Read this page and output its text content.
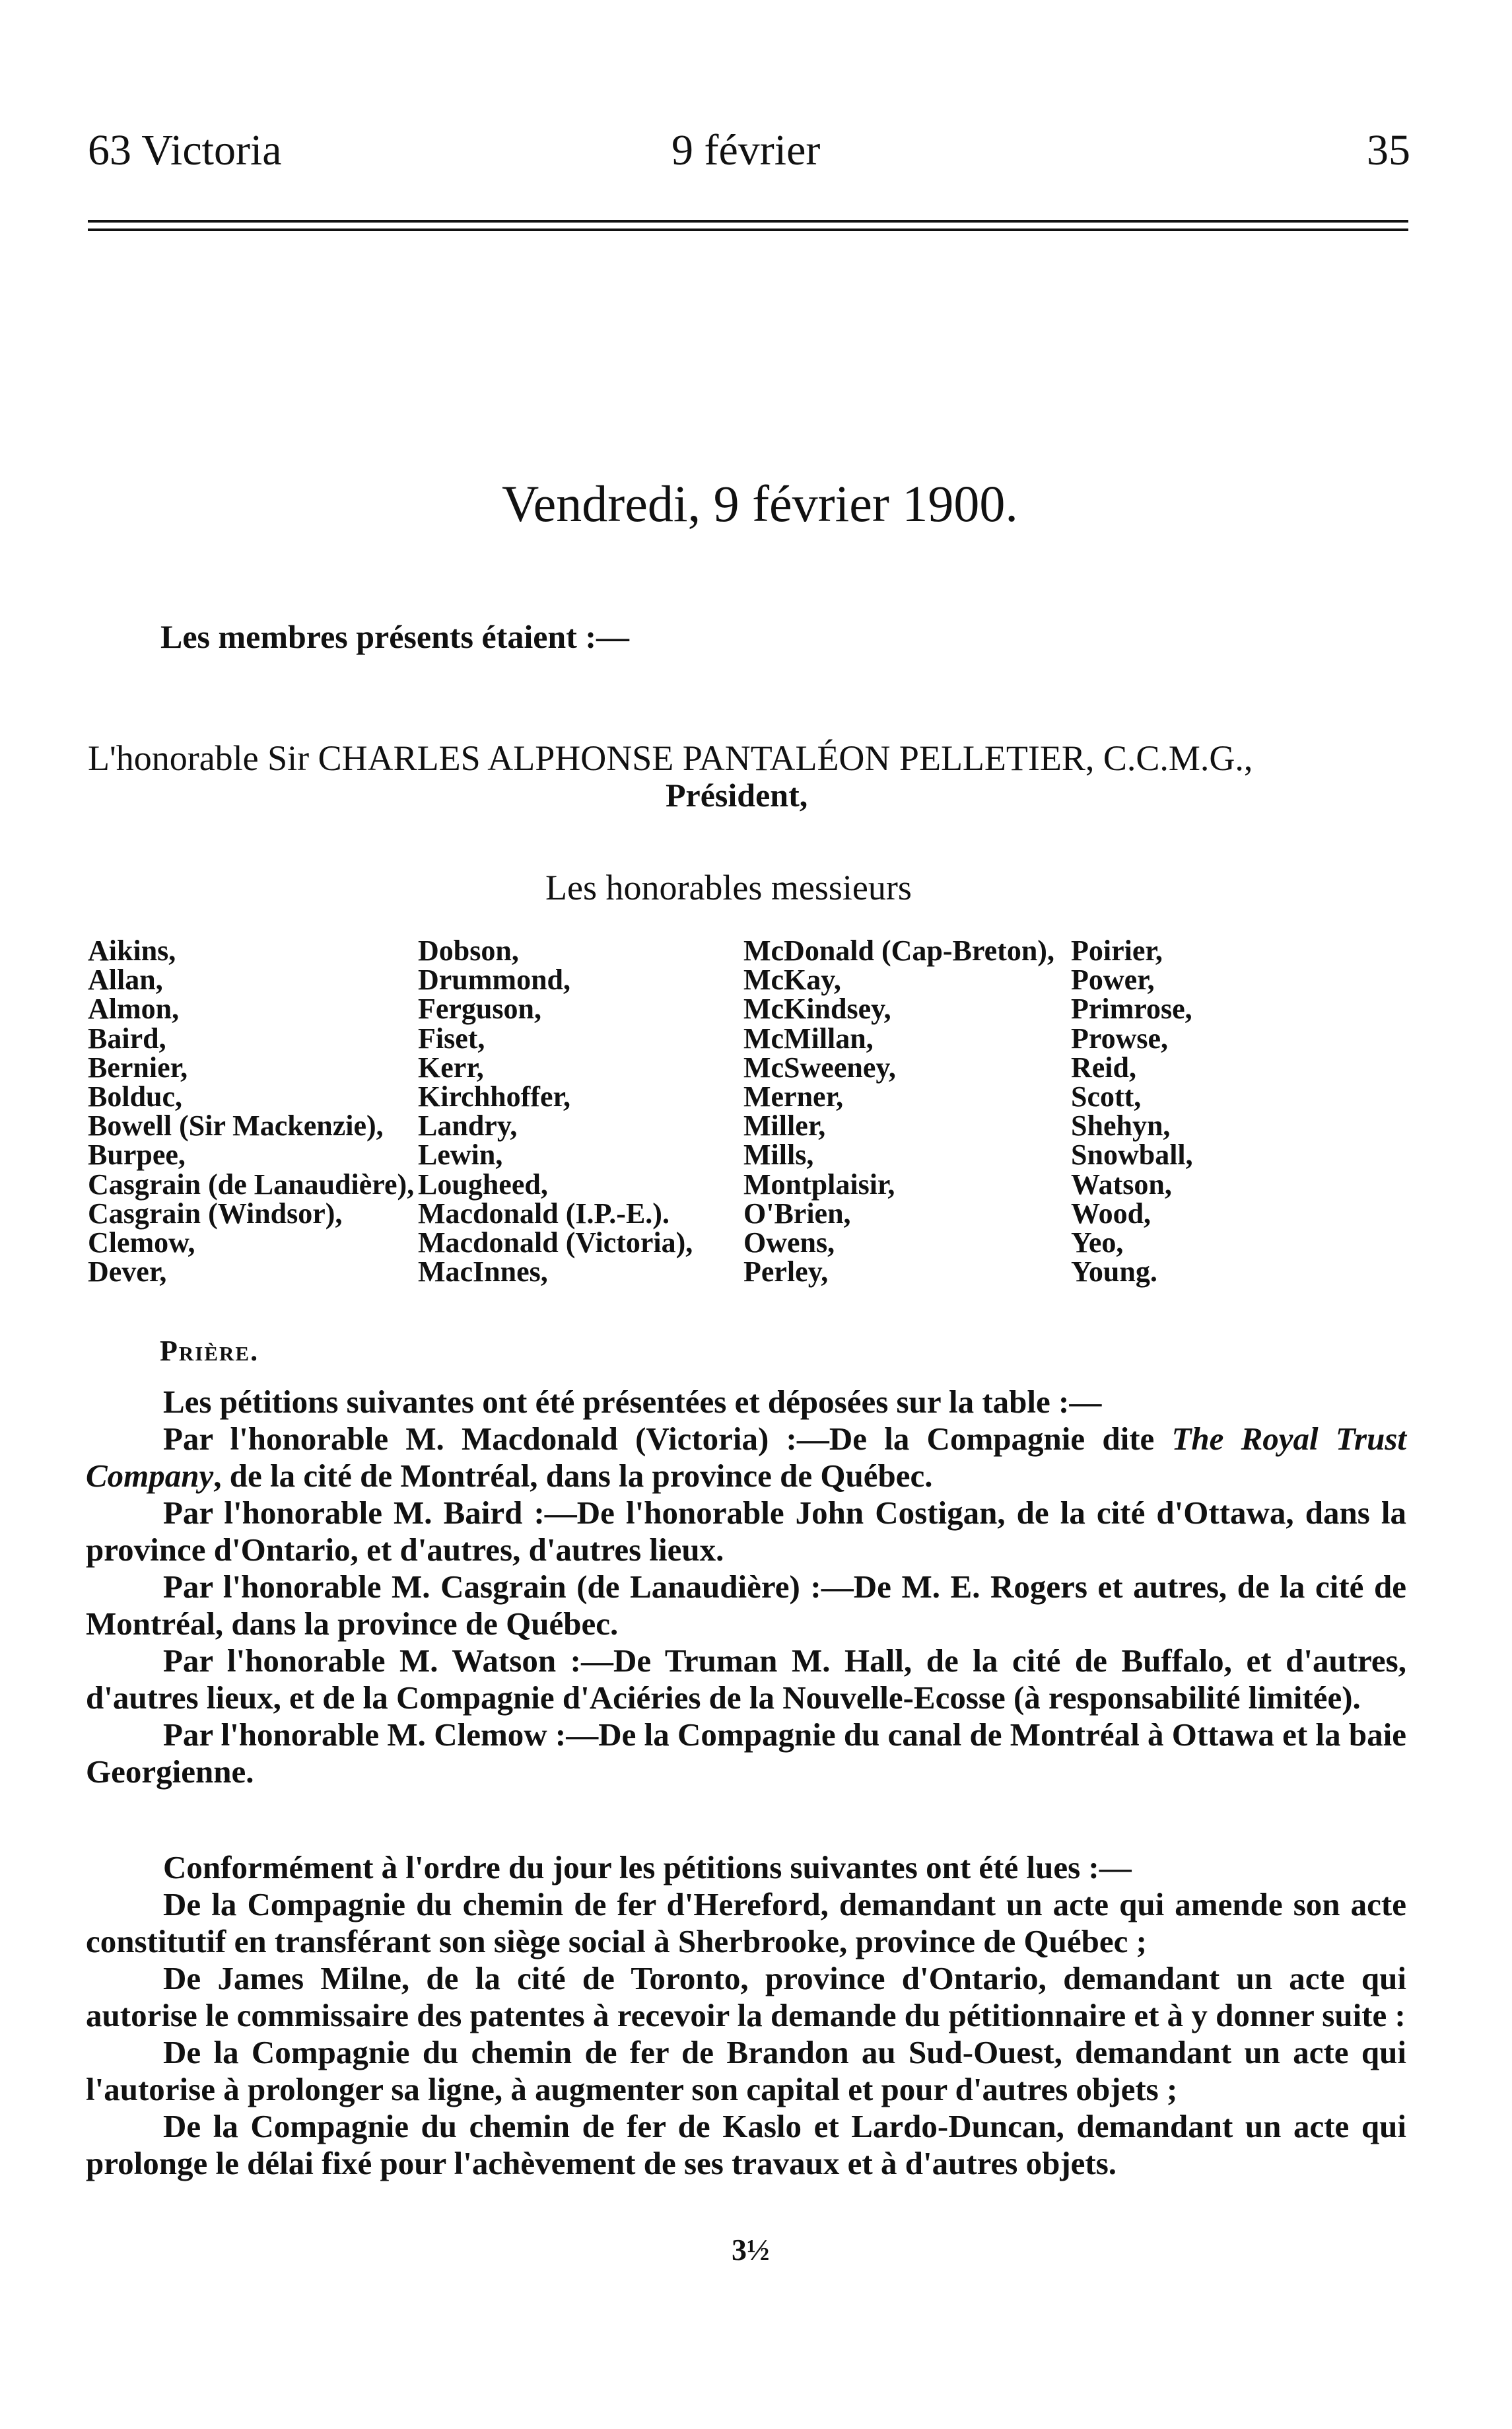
63 Victoria	9 février	35
Vendredi, 9 février 1900.
Les membres présents étaient :—
L'honorable Sir CHARLES ALPHONSE PANTALÉON PELLETIER, C.C.M.G.,
Président,
Les honorables messieurs
Aikins,
Allan,
Almon,
Baird,
Bernier,
Bolduc,
Bowell (Sir Mackenzie),
Burpee,
Casgrain (de Lanaudière),
Casgrain (Windsor),
Clemow,
Dever,
Dobson,
Drummond,
Ferguson,
Fiset,
Kerr,
Kirchhoffer,
Landry,
Lewin,
Lougheed,
Macdonald (I.P.-E.).
Macdonald (Victoria),
MacInnes,
McDonald (Cap-Breton),
McKay,
McKindsey,
McMillan,
McSweeney,
Merner,
Miller,
Mills,
Montplaisir,
O'Brien,
Owens,
Perley,
Poirier,
Power,
Primrose,
Prowse,
Reid,
Scott,
Shehyn,
Snowball,
Watson,
Wood,
Yeo,
Young.
Prière.

Les pétitions suivantes ont été présentées et déposées sur la table :—

Par l'honorable M. Macdonald (Victoria) :—De la Compagnie dite The Royal Trust Company, de la cité de Montréal, dans la province de Québec.

Par l'honorable M. Baird :—De l'honorable John Costigan, de la cité d'Ottawa, dans la province d'Ontario, et d'autres, d'autres lieux.

Par l'honorable M. Casgrain (de Lanaudière) :—De M. E. Rogers et autres, de la cité de Montréal, dans la province de Québec.

Par l'honorable M. Watson :—De Truman M. Hall, de la cité de Buffalo, et d'autres, d'autres lieux, et de la Compagnie d'Aciéries de la Nouvelle-Ecosse (à responsabilité limitée).

Par l'honorable M. Clemow :—De la Compagnie du canal de Montréal à Ottawa et la baie Georgienne.

Conformément à l'ordre du jour les pétitions suivantes ont été lues :—

De la Compagnie du chemin de fer d'Hereford, demandant un acte qui amende son acte constitutif en transférant son siège social à Sherbrooke, province de Québec ;

De James Milne, de la cité de Toronto, province d'Ontario, demandant un acte qui autorise le commissaire des patentes à recevoir la demande du pétitionnaire et à y donner suite :

De la Compagnie du chemin de fer de Brandon au Sud-Ouest, demandant un acte qui l'autorise à prolonger sa ligne, à augmenter son capital et pour d'autres objets ;

De la Compagnie du chemin de fer de Kaslo et Lardo-Duncan, demandant un acte qui prolonge le délai fixé pour l'achèvement de ses travaux et à d'autres objets.

3½
